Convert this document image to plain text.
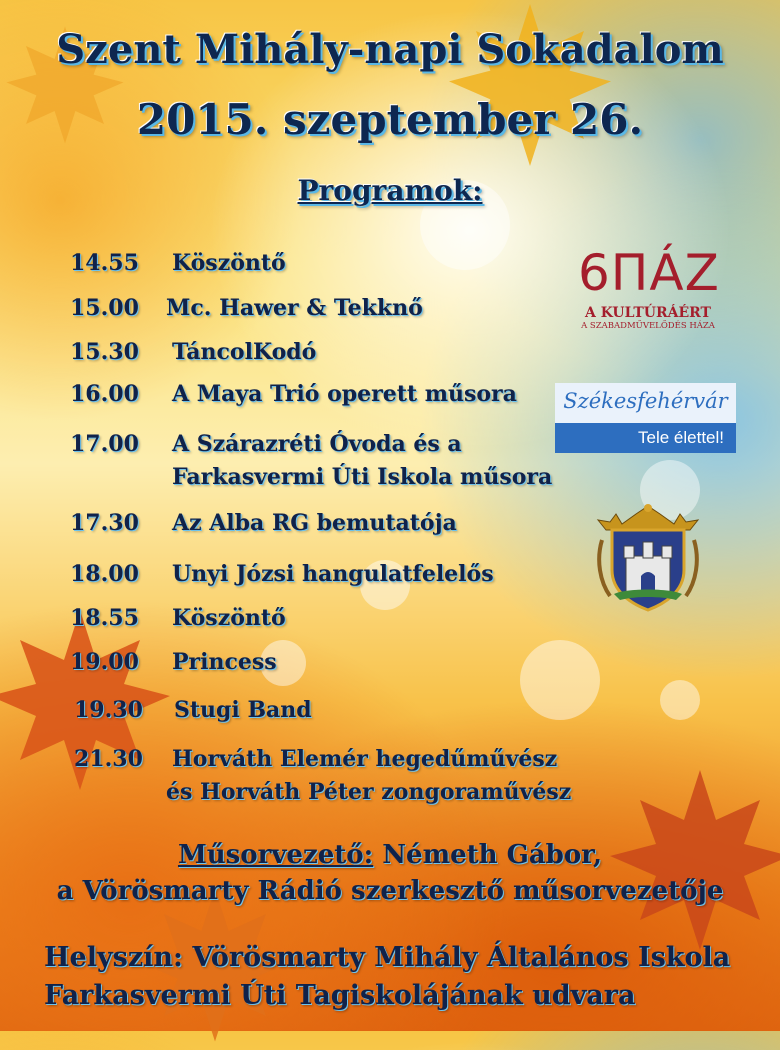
Szent Mihály-napi Sokadalom
2015. szeptember 26.
Programok:
14.55	Köszöntő
15.00	Mc. Hawer & Tekknő
15.30	TáncolKodó
16.00	A Maya Trió operett műsora
17.00	A Szárazréti Óvoda és a
Farkasvermi Úti Iskola műsora
17.30	Az Alba RG bemutatója
18.00	Unyi Józsi hangulatfelelős
18.55	Köszöntő
19.00	Princess
19.30	Stugi Band
21.30	Horváth Elemér hegedűművész
és Horváth Péter zongoraművész
Műsorvezető: Németh Gábor,
a Vörösmarty Rádió szerkesztő műsorvezetője
Helyszín: Vörösmarty Mihály Általános Iskola
Farkasvermi Úti Tagiskolájának udvara
6ΠÁZ
A KULTÚRÁÉRT
A SZABADMŰVELŐDÉS HÁZA
Székesfehérvár
Tele élettel!
